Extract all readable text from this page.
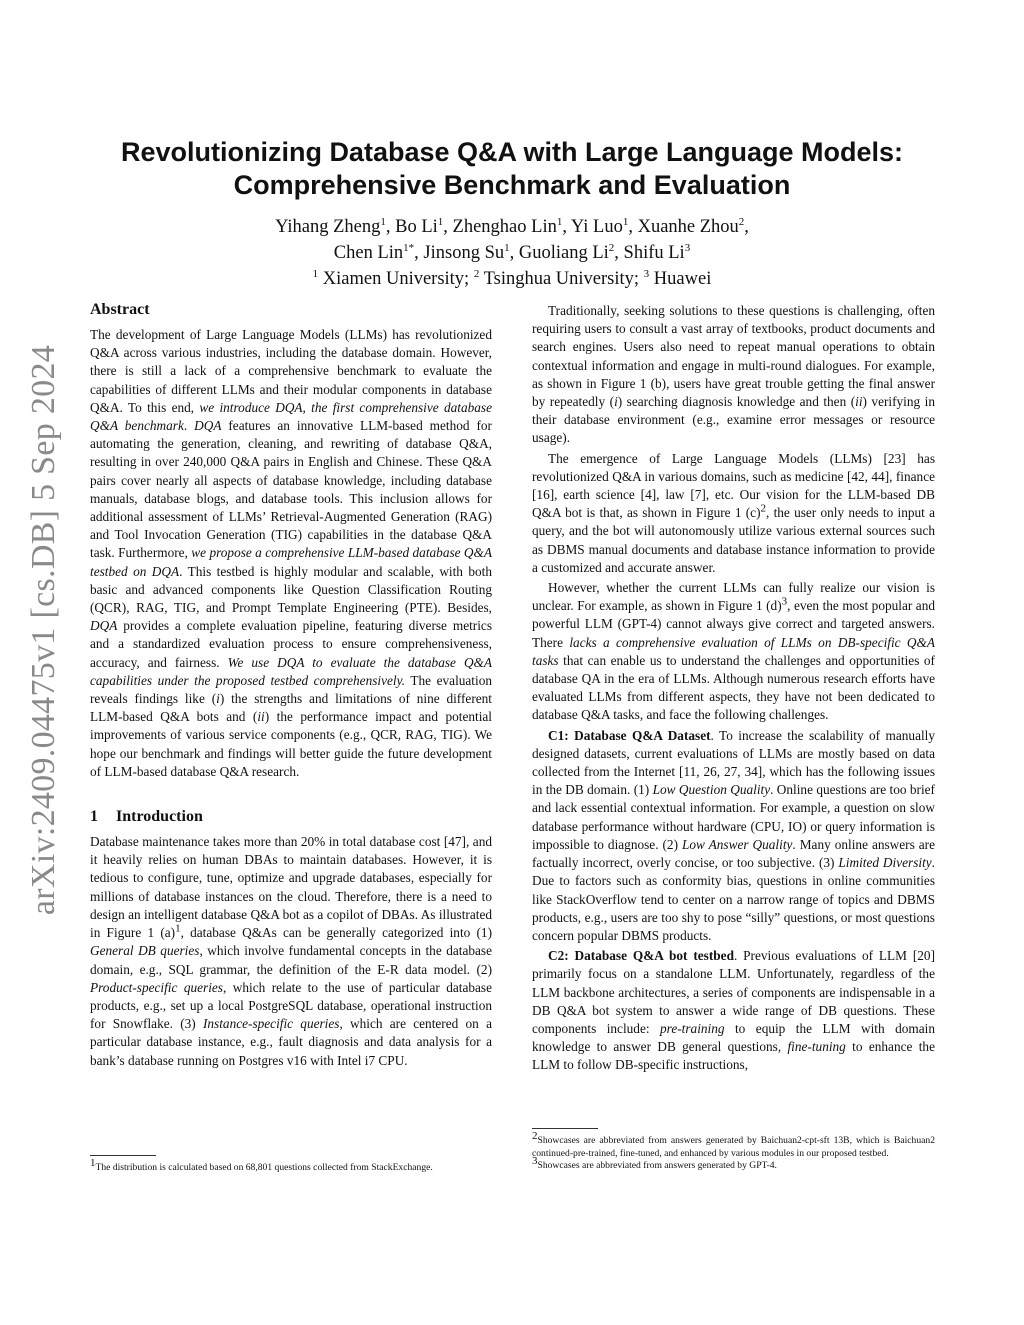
arXiv:2409.04475v1 [cs.DB] 5 Sep 2024
Revolutionizing Database Q&A with Large Language Models:
Comprehensive Benchmark and Evaluation

Yihang Zheng$^1$, Bo Li$^1$, Zhenghao Lin$^1$, Yi Luo$^1$, Xuanhe Zhou$^2$,

Chen Lin$^{1*}$, Jinsong Su$^1$, Guoliang Li$^2$, Shifu Li$^3$

$^1$ Xiamen University; $^2$ Tsinghua University; $^3$ Huawei

Abstract

The development of Large Language Models (LLMs) has revolutionized Q&A across various industries, including the database domain. However, there is still a lack of a comprehensive benchmark to evaluate the capabilities of different LLMs and their modular components in database Q&A. To this end, we introduce DQA, the first comprehensive database Q&A benchmark. DQA features an innovative LLM-based method for automating the generation, cleaning, and rewriting of database Q&A, resulting in over 240,000 Q&A pairs in English and Chinese. These Q&A pairs cover nearly all aspects of database knowledge, including database manuals, database blogs, and database tools. This inclusion allows for additional assessment of LLMs’ Retrieval-Augmented Generation (RAG) and Tool Invocation Generation (TIG) capabilities in the database Q&A task. Furthermore, we propose a comprehensive LLM-based database Q&A testbed on DQA. This testbed is highly modular and scalable, with both basic and advanced components like Question Classification Routing (QCR), RAG, TIG, and Prompt Template Engineering (PTE). Besides, DQA provides a complete evaluation pipeline, featuring diverse metrics and a standardized evaluation process to ensure comprehensiveness, accuracy, and fairness. We use DQA to evaluate the database Q&A capabilities under the proposed testbed comprehensively. The evaluation reveals findings like (i) the strengths and limitations of nine different LLM-based Q&A bots and (ii) the performance impact and potential improvements of various service components (e.g., QCR, RAG, TIG). We hope our benchmark and findings will better guide the future development of LLM-based database Q&A research.

1 Introduction

Database maintenance takes more than 20% in total database cost [47], and it heavily relies on human DBAs to maintain databases. However, it is tedious to configure, tune, optimize and upgrade databases, especially for millions of database instances on the cloud. Therefore, there is a need to design an intelligent database Q&A bot as a copilot of DBAs. As illustrated in Figure 1 $(a)^1$, database Q&As can be generally categorized into (1) General DB queries, which involve fundamental concepts in the database domain, e.g., SQL grammar, the definition of the E-R data model. (2) Product-specific queries, which relate to the use of particular database products, e.g., set up a local PostgreSQL database, operational instruction for Snowflake. (3) Instance-specific queries, which are centered on a particular database instance, e.g., fault diagnosis and data analysis for a bank’s database running on Postgres v16 with Intel i7 CPU.

$^1$The distribution is calculated based on 68,801 questions collected from StackExchange.

Traditionally, seeking solutions to these questions is challenging, often requiring users to consult a vast array of textbooks, product documents and search engines. Users also need to repeat manual operations to obtain contextual information and engage in multi-round dialogues. For example, as shown in Figure 1 (b), users have great trouble getting the final answer by repeatedly (i) searching diagnosis knowledge and then (ii) verifying in their database environment (e.g., examine error messages or resource usage).

The emergence of Large Language Models (LLMs) [23] has revolutionized Q&A in various domains, such as medicine [42, 44], finance [16], earth science [4], law [7], etc. Our vision for the LLM-based DB Q&A bot is that, as shown in Figure 1 $(c)^2$, the user only needs to input a query, and the bot will autonomously utilize various external sources such as DBMS manual documents and database instance information to provide a customized and accurate answer.

However, whether the current LLMs can fully realize our vision is unclear. For example, as shown in Figure 1 $(d)^3$, even the most popular and powerful LLM (GPT-4) cannot always give correct and targeted answers. There lacks a comprehensive evaluation of LLMs on DB-specific Q&A tasks that can enable us to understand the challenges and opportunities of database QA in the era of LLMs. Although numerous research efforts have evaluated LLMs from different aspects, they have not been dedicated to database Q&A tasks, and face the following challenges.

C1: Database Q&A Dataset. To increase the scalability of manually designed datasets, current evaluations of LLMs are mostly based on data collected from the Internet [11, 26, 27, 34], which has the following issues in the DB domain. (1) Low Question Quality. Online questions are too brief and lack essential contextual information. For example, a question on slow database performance without hardware (CPU, IO) or query information is impossible to diagnose. (2) Low Answer Quality. Many online answers are factually incorrect, overly concise, or too subjective. (3) Limited Diversity. Due to factors such as conformity bias, questions in online communities like StackOverflow tend to center on a narrow range of topics and DBMS products, e.g., users are too shy to pose “silly” questions, or most questions concern popular DBMS products.

C2: Database Q&A bot testbed. Previous evaluations of LLM [20] primarily focus on a standalone LLM. Unfortunately, regardless of the LLM backbone architectures, a series of components are indispensable in a DB Q&A bot system to answer a wide range of DB questions. These components include: pre-training to equip the LLM with domain knowledge to answer DB general questions, fine-tuning to enhance the LLM to follow DB-specific instructions,

$^2$Showcases are abbreviated from answers generated by Baichuan2-cpt-sft 13B, which is Baichuan2 continued-pre-trained, fine-tuned, and enhanced by various modules in our proposed testbed.

$^3$Showcases are abbreviated from answers generated by GPT-4.
